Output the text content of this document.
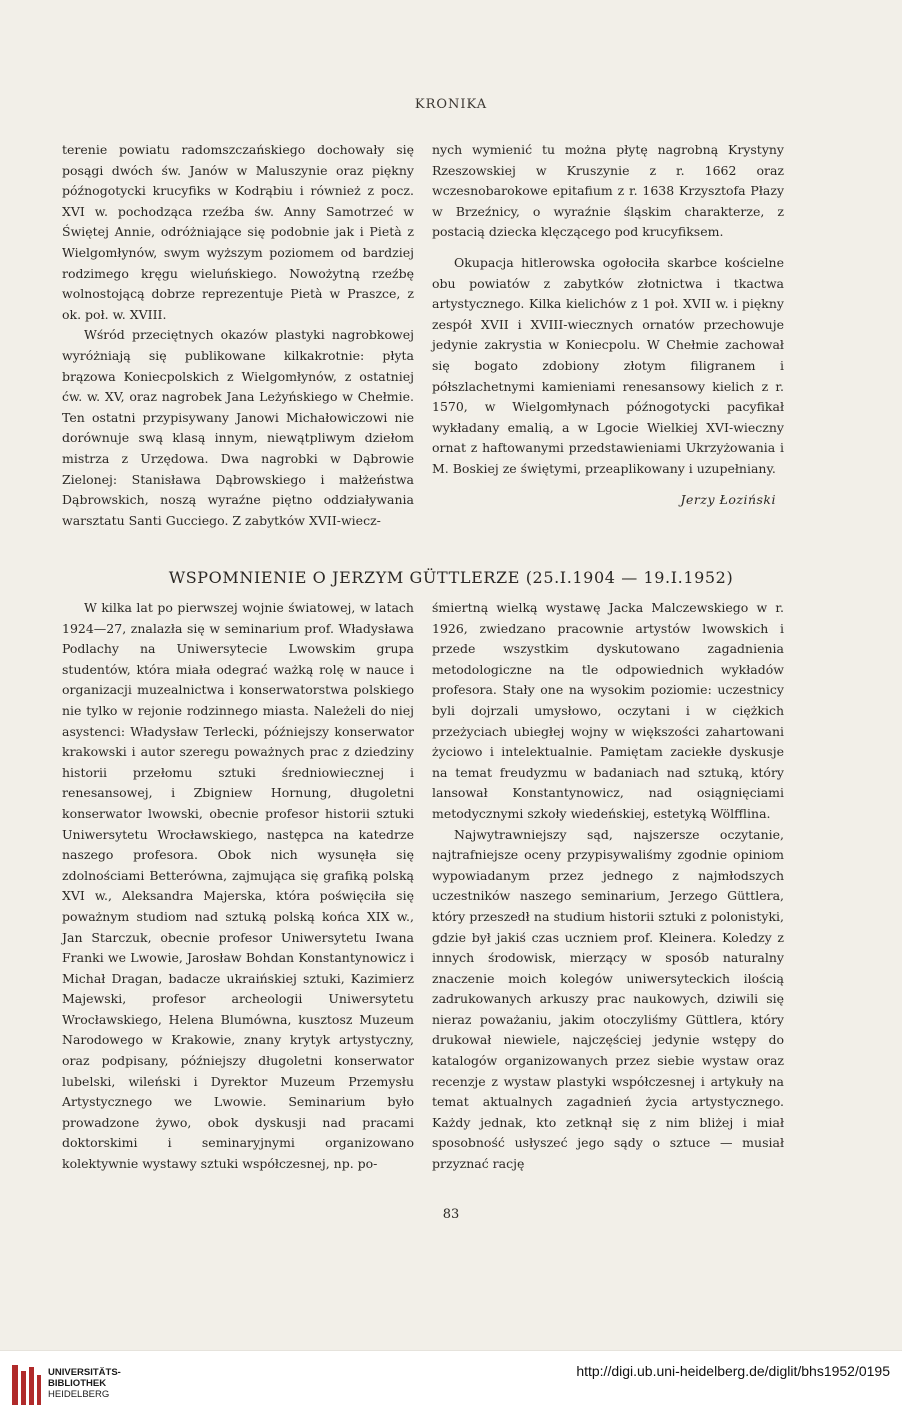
KRONIKA

terenie powiatu radomszczańskiego dochowały się posągi dwóch św. Janów w Maluszynie oraz piękny późnogotycki krucyfiks w Kodrąbiu i również z pocz. XVI w. pochodząca rzeźba św. Anny Samotrzeć w Świętej Annie, odróżniające się podobnie jak i Pietà z Wielgomłynów, swym wyższym poziomem od bardziej rodzimego kręgu wieluńskiego. Nowożytną rzeźbę wolnostojącą dobrze reprezentuje Pietà w Praszce, z ok. poł. w. XVIII.

Wśród przeciętnych okazów plastyki nagrobkowej wyróżniają się publikowane kilkakrotnie: płyta brązowa Koniecpolskich z Wielgomłynów, z ostatniej ćw. w. XV, oraz nagrobek Jana Leżyńskiego w Chełmie. Ten ostatni przypisywany Janowi Michałowiczowi nie dorównuje swą klasą innym, niewątpliwym dziełom mistrza z Urzędowa. Dwa nagrobki w Dąbrowie Zielonej: Stanisława Dąbrowskiego i małżeństwa Dąbrowskich, noszą wyraźne piętno oddziaływania warsztatu Santi Gucciego. Z zabytków XVII-wiecz-

nych wymienić tu można płytę nagrobną Krystyny Rzeszowskiej w Kruszynie z r. 1662 oraz wczesnobarokowe epitafium z r. 1638 Krzysztofa Płazy w Brzeźnicy, o wyraźnie śląskim charakterze, z postacią dziecka klęczącego pod krucyfiksem.

Okupacja hitlerowska ogołociła skarbce kościelne obu powiatów z zabytków złotnictwa i tkactwa artystycznego. Kilka kielichów z 1 poł. XVII w. i piękny zespół XVII i XVIII-wiecznych ornatów przechowuje jedynie zakrystia w Koniecpolu. W Chełmie zachował się bogato zdobiony złotym filigranem i półszlachetnymi kamieniami renesansowy kielich z r. 1570, w Wielgomłynach późnogotycki pacyfikał wykładany emalią, a w Lgocie Wielkiej XVI-wieczny ornat z haftowanymi przedstawieniami Ukrzyżowania i M. Boskiej ze świętymi, przeaplikowany i uzupełniany.

Jerzy Łoziński
WSPOMNIENIE O JERZYM GÜTTLERZE (25.I.1904 — 19.I.1952)

W kilka lat po pierwszej wojnie światowej, w latach 1924—27, znalazła się w seminarium prof. Władysława Podlachy na Uniwersytecie Lwowskim grupa studentów, która miała odegrać ważką rolę w nauce i organizacji muzealnictwa i konserwatorstwa polskiego nie tylko w rejonie rodzinnego miasta. Należeli do niej asystenci: Władysław Terlecki, późniejszy konserwator krakowski i autor szeregu poważnych prac z dziedziny historii przełomu sztuki średniowiecznej i renesansowej, i Zbigniew Hornung, długoletni konserwator lwowski, obecnie profesor historii sztuki Uniwersytetu Wrocławskiego, następca na katedrze naszego profesora. Obok nich wysunęła się zdolnościami Betterówna, zajmująca się grafiką polską XVI w., Aleksandra Majerska, która poświęciła się poważnym studiom nad sztuką polską końca XIX w., Jan Starczuk, obecnie profesor Uniwersytetu Iwana Franki we Lwowie, Jarosław Bohdan Konstantynowicz i Michał Dragan, badacze ukraińskiej sztuki, Kazimierz Majewski, profesor archeologii Uniwersytetu Wrocławskiego, Helena Blumówna, kusztosz Muzeum Narodowego w Krakowie, znany krytyk artystyczny, oraz podpisany, późniejszy długoletni konserwator lubelski, wileński i Dyrektor Muzeum Przemysłu Artystycznego we Lwowie. Seminarium było prowadzone żywo, obok dyskusji nad pracami doktorskimi i seminaryjnymi organizowano kolektywnie wystawy sztuki współczesnej, np. po-

śmiertną wielką wystawę Jacka Malczewskiego w r. 1926, zwiedzano pracownie artystów lwowskich i przede wszystkim dyskutowano zagadnienia metodologiczne na tle odpowiednich wykładów profesora. Stały one na wysokim poziomie: uczestnicy byli dojrzali umysłowo, oczytani i w ciężkich przeżyciach ubiegłej wojny w większości zahartowani życiowo i intelektualnie. Pamiętam zaciekłe dyskusje na temat freudyzmu w badaniach nad sztuką, który lansował Konstantynowicz, nad osiągnięciami metodycznymi szkoły wiedeńskiej, estetyką Wölfflina.

Najwytrawniejszy sąd, najszersze oczytanie, najtrafniejsze oceny przypisywaliśmy zgodnie opiniom wypowiadanym przez jednego z najmłodszych uczestników naszego seminarium, Jerzego Güttlera, który przeszedł na studium historii sztuki z polonistyki, gdzie był jakiś czas uczniem prof. Kleinera. Koledzy z innych środowisk, mierzący w sposób naturalny znaczenie moich kolegów uniwersyteckich ilością zadrukowanych arkuszy prac naukowych, dziwili się nieraz poważaniu, jakim otoczyliśmy Güttlera, który drukował niewiele, najczęściej jedynie wstępy do katalogów organizowanych przez siebie wystaw oraz recenzje z wystaw plastyki współczesnej i artykuły na temat aktualnych zagadnień życia artystycznego. Każdy jednak, kto zetknął się z nim bliżej i miał sposobność usłyszeć jego sądy o sztuce — musiał przyznać rację

83
UNIVERSITÄTS-
BIBLIOTHEK
HEIDELBERG
http://digi.ub.uni-heidelberg.de/diglit/bhs1952/0195
